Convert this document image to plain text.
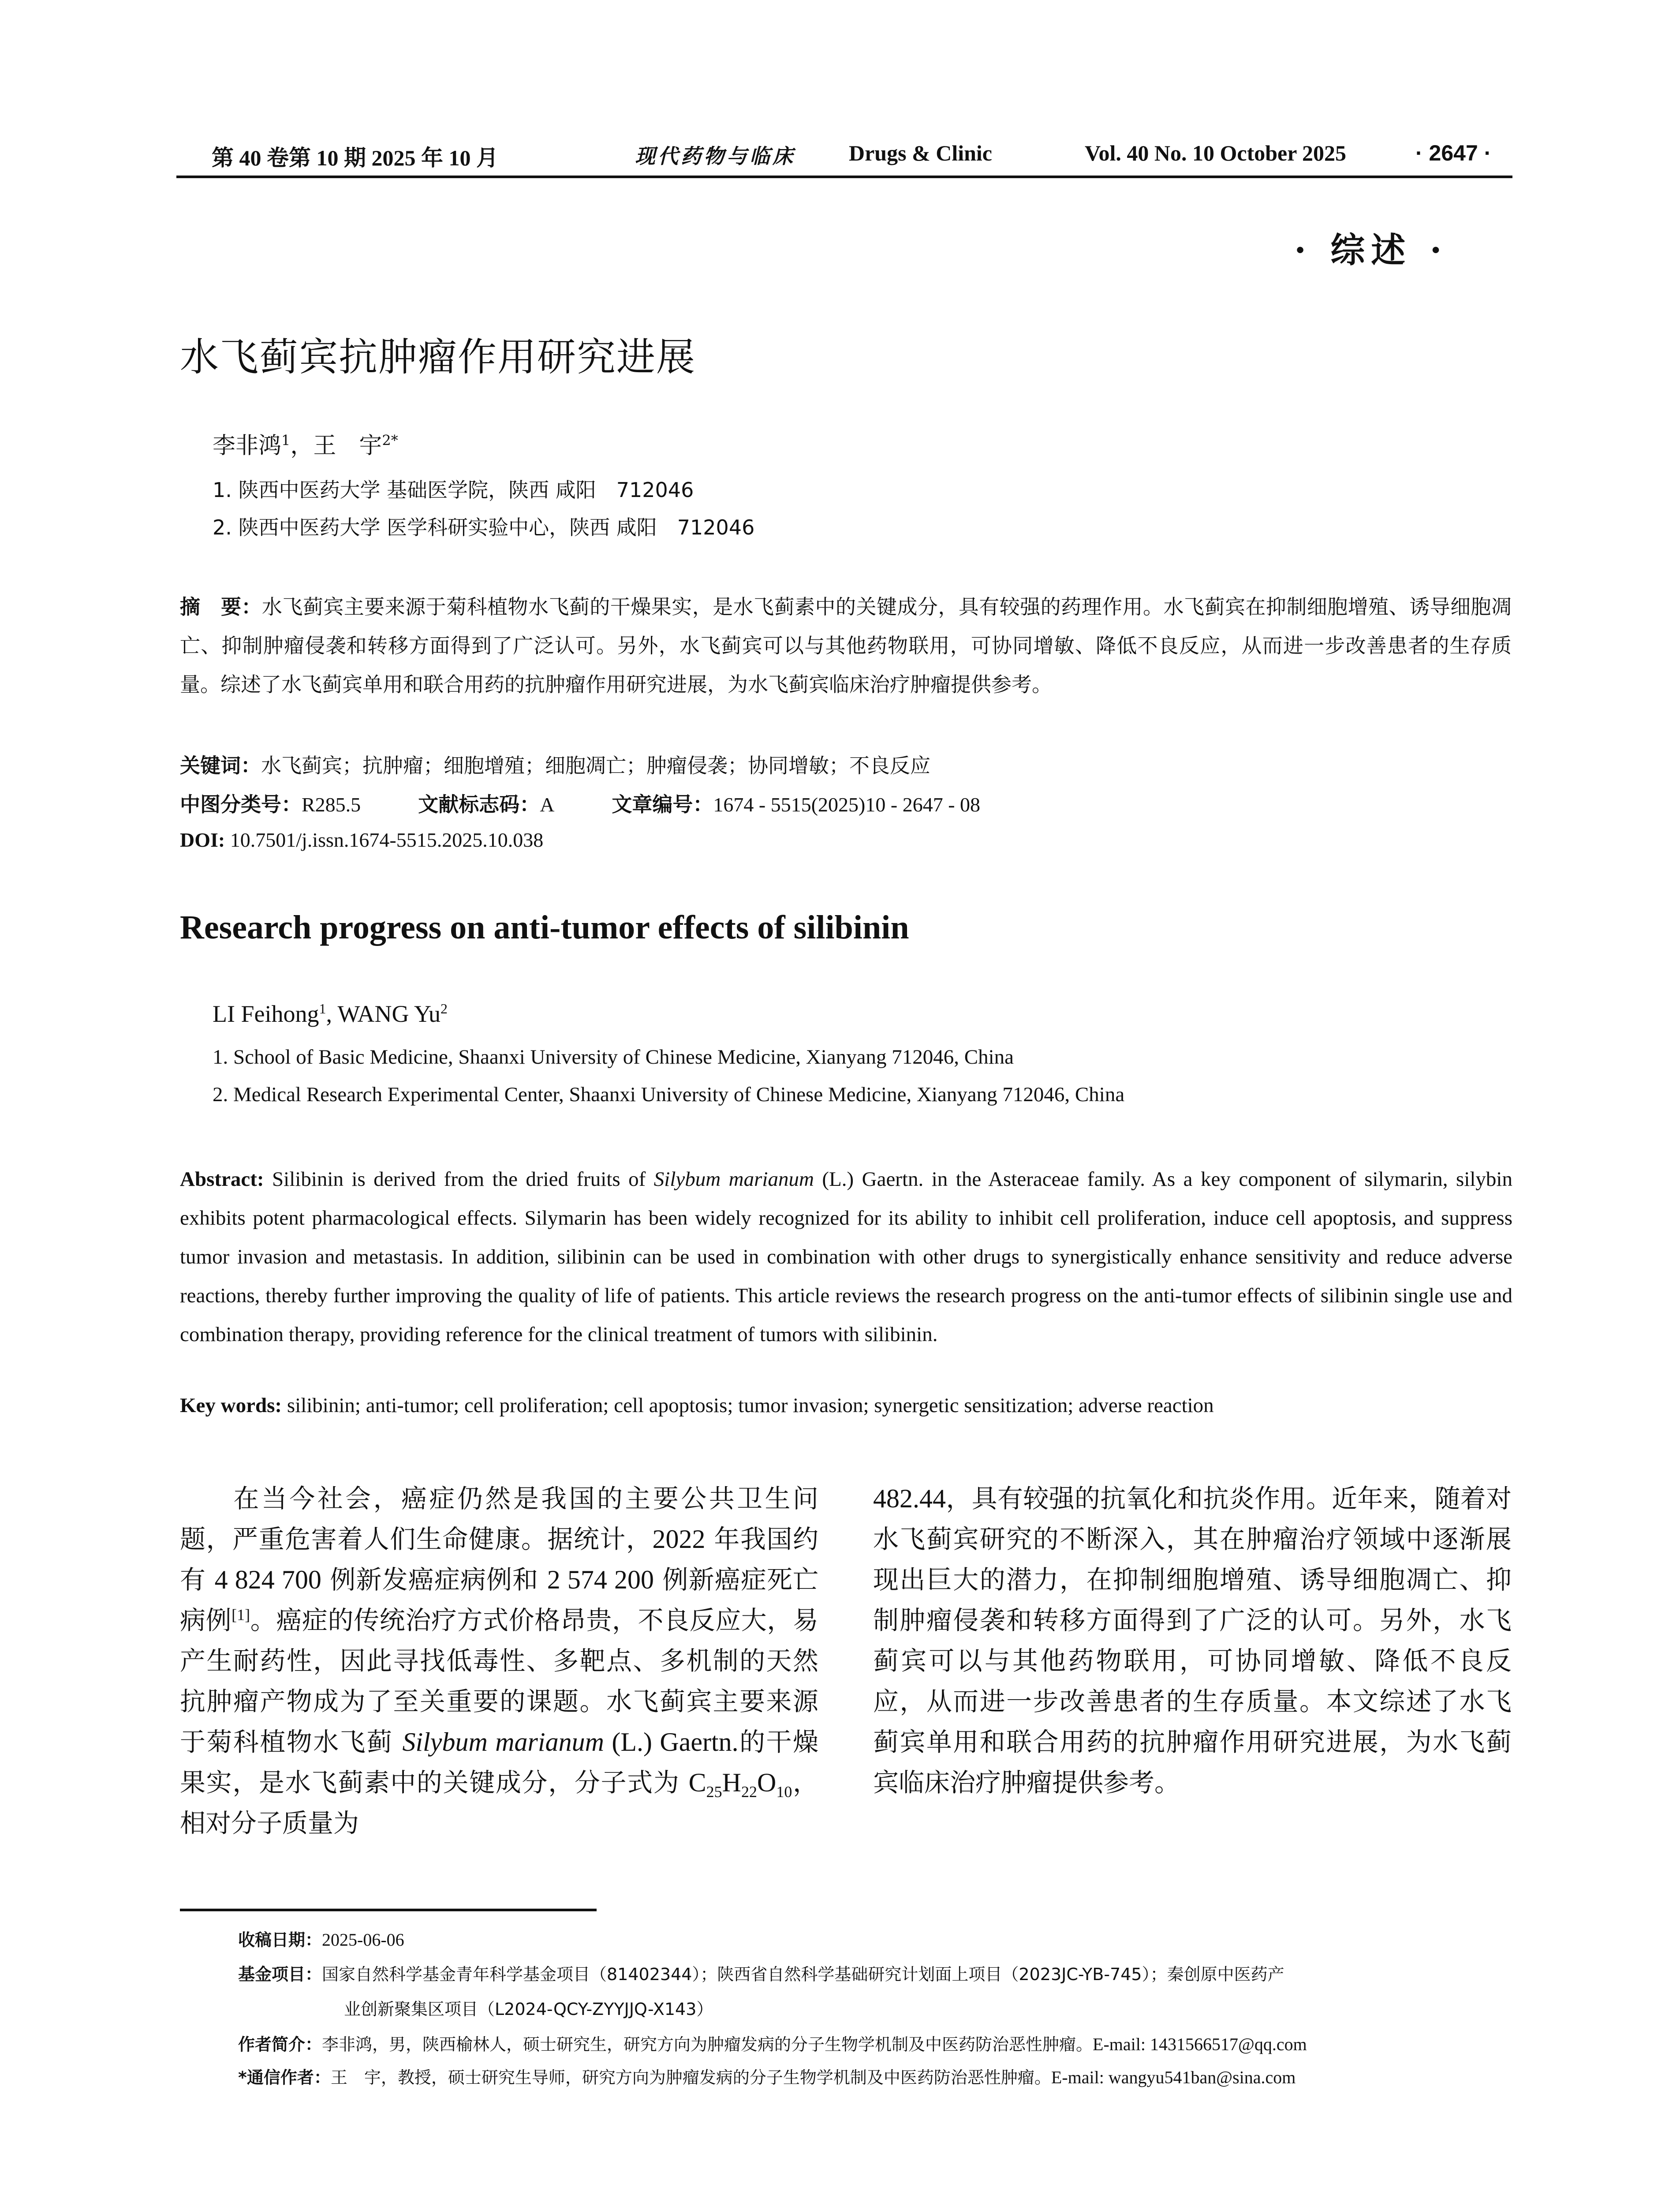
第 40 卷第 10 期 2025 年 10 月	现代药物与临床 Drugs & Clinic	Vol. 40 No. 10 October 2025	· 2647 ·
· 综述 ·
水飞蓟宾抗肿瘤作用研究进展
李非鸿$^1$，王　宇$^{2*}$
1. 陕西中医药大学 基础医学院，陕西 咸阳　712046
2. 陕西中医药大学 医学科研实验中心，陕西 咸阳　712046
摘　要：水飞蓟宾主要来源于菊科植物水飞蓟的干燥果实，是水飞蓟素中的关键成分，具有较强的药理作用。水飞蓟宾在抑制细胞增殖、诱导细胞凋亡、抑制肿瘤侵袭和转移方面得到了广泛认可。另外，水飞蓟宾可以与其他药物联用，可协同增敏、降低不良反应，从而进一步改善患者的生存质量。综述了水飞蓟宾单用和联合用药的抗肿瘤作用研究进展，为水飞蓟宾临床治疗肿瘤提供参考。
关键词：水飞蓟宾；抗肿瘤；细胞增殖；细胞凋亡；肿瘤侵袭；协同增敏；不良反应
中图分类号：R285.5	文献标志码：A	文章编号：1674 - 5515(2025)10 - 2647 - 08
DOI: 10.7501/j.issn.1674-5515.2025.10.038
Research progress on anti-tumor effects of silibinin
LI Feihong$^1$, WANG Yu$^2$
1. School of Basic Medicine, Shaanxi University of Chinese Medicine, Xianyang 712046, China
2. Medical Research Experimental Center, Shaanxi University of Chinese Medicine, Xianyang 712046, China
Abstract: Silibinin is derived from the dried fruits of Silybum marianum (L.) Gaertn. in the Asteraceae family. As a key component of silymarin, silybin exhibits potent pharmacological effects. Silymarin has been widely recognized for its ability to inhibit cell proliferation, induce cell apoptosis, and suppress tumor invasion and metastasis. In addition, silibinin can be used in combination with other drugs to synergistically enhance sensitivity and reduce adverse reactions, thereby further improving the quality of life of patients. This article reviews the research progress on the anti-tumor effects of silibinin single use and combination therapy, providing reference for the clinical treatment of tumors with silibinin.
Key words: silibinin; anti-tumor; cell proliferation; cell apoptosis; tumor invasion; synergetic sensitization; adverse reaction
在当今社会，癌症仍然是我国的主要公共卫生问题，严重危害着人们生命健康。据统计，2022 年我国约有 4 824 700 例新发癌症病例和 2 574 200 例新癌症死亡病例[1]。癌症的传统治疗方式价格昂贵，不良反应大，易产生耐药性，因此寻找低毒性、多靶点、多机制的天然抗肿瘤产物成为了至关重要的课题。水飞蓟宾主要来源于菊科植物水飞蓟 Silybum marianum (L.) Gaertn.的干燥果实，是水飞蓟素中的关键成分，分子式为 $C_{25}H_{22}O_{10}$，相对分子质量为
482.44，具有较强的抗氧化和抗炎作用。近年来，随着对水飞蓟宾研究的不断深入，其在肿瘤治疗领域中逐渐展现出巨大的潜力，在抑制细胞增殖、诱导细胞凋亡、抑制肿瘤侵袭和转移方面得到了广泛的认可。另外，水飞蓟宾可以与其他药物联用，可协同增敏、降低不良反应，从而进一步改善患者的生存质量。本文综述了水飞蓟宾单用和联合用药的抗肿瘤作用研究进展，为水飞蓟宾临床治疗肿瘤提供参考。
收稿日期：2025-06-06
基金项目：国家自然科学基金青年科学基金项目（81402344）；陕西省自然科学基础研究计划面上项目（2023JC-YB-745）；秦创原中医药产
业创新聚集区项目（L2024-QCY-ZYYJJQ-X143）
作者简介：李非鸿，男，陕西榆林人，硕士研究生，研究方向为肿瘤发病的分子生物学机制及中医药防治恶性肿瘤。E-mail: 1431566517@qq.com
*通信作者：王　宇，教授，硕士研究生导师，研究方向为肿瘤发病的分子生物学机制及中医药防治恶性肿瘤。E-mail: wangyu541ban@sina.com
